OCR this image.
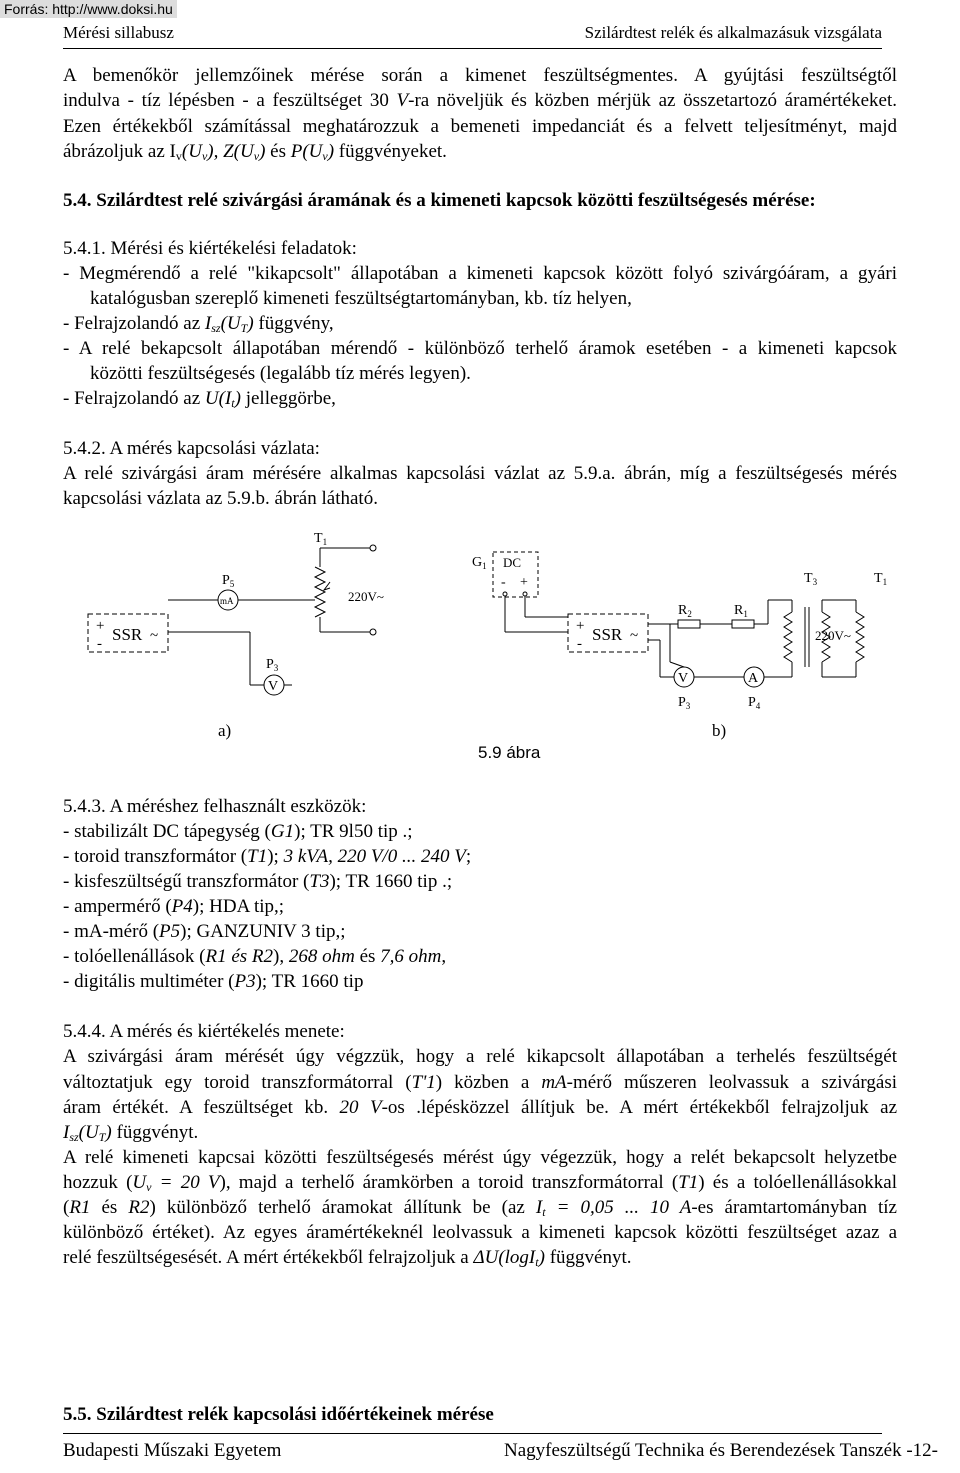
Forrás: http://www.doksi.hu
Mérési sillabusz	Szilárdtest relék és alkalmazásuk vizsgálata
A bemenőkör jellemzőinek mérése során a kimenet feszültségmentes. A gyújtási feszültségtől
indulva - tíz lépésben - a feszültséget 30 V-ra növeljük és közben mérjük az összetartozó áramértékeket.
Ezen értékekből számítással meghatározzuk a bemeneti impedanciát és a felvett teljesítményt, majd
ábrázoljuk az $I_v(U_v)$, $Z(U_v)$ és $P(U_v)$ függvényeket.
5.4. Szilárdtest relé szivárgási áramának és a kimeneti kapcsok közötti feszültségesés mérése:
5.4.1. Mérési és kiértékelési feladatok:
- Megmérendő a relé "kikapcsolt" állapotában a kimeneti kapcsok között folyó szivárgóáram, a gyári
katalógusban szereplő kimeneti feszültségtartományban, kb. tíz helyen,
- Felrajzolandó az $I_{sz}(U_T)$ függvény,
- A relé bekapcsolt állapotában mérendő - különböző terhelő áramok esetében - a kimeneti kapcsok
közötti feszültségesés (legalább tíz mérés legyen).
- Felrajzolandó az $U(I_t)$ jelleggörbe,
5.4.2. A mérés kapcsolási vázlata:
A relé szivárgási áram mérésére alkalmas kapcsolási vázlat az 5.9.a. ábrán, míg a feszültségesés mérés
kapcsolási vázlata az 5.9.b. ábrán látható.
+
- SSR ~
$P_5$
mA
$P_3$
V
$T_1$
220V~
a)
$G_1$ DC
- +
+
- SSR ~
$R_2$	$R_1$
V	A
$P_3$	$P_4$
$T_3$	$T_1$
220V~
b)
5.9 ábra
5.4.3. A méréshez felhasznált eszközök:
- stabilizált DC tápegység (G1); TR 9l50 tip .;
- toroid transzformátor (T1); 3 kVA, 220 V/0 ... 240 V;
- kisfeszültségű transzformátor (T3); TR 1660 tip .;
- ampermérő (P4); HDA tip,;
- mA-mérő (P5); GANZUNIV 3 tip,;
- tolóellenállások (R1 és R2), 268 ohm és 7,6 ohm,
- digitális multiméter (P3); TR 1660 tip
5.4.4. A mérés és kiértékelés menete:
A szivárgási áram mérését úgy végzzük, hogy a relé kikapcsolt állapotában a terhelés feszültségét
változtatjuk egy toroid transzformátorral (T'1) közben a mA-mérő műszeren leolvassuk a szivárgási
áram értékét. A feszültséget kb. 20 V-os .lépésközzel állítjuk be. A mért értékekből felrajzoljuk az
$I_{sz}(U_T)$ függvényt.
A relé kimeneti kapcsai közötti feszültségesés mérést úgy végezzük, hogy a relét bekapcsolt helyzetbe
hozzuk ($U_v = 20$ V), majd a terhelő áramkörben a toroid transzformátorral (T1) és a tolóellenállásokkal
(R1 és R2) különböző terhelő áramokat állítunk be (az $I_t = 0,05$ ... 10 A-es áramtartományban tíz
különböző értéket). Az egyes áramértékeknél leolvassuk a kimeneti kapcsok közötti feszültséget azaz a
relé feszültségesését. A mért értékekből felrajzoljuk a ΔU(logI$_t$) függvényt.
5.5. Szilárdtest relék kapcsolási időértékeinek mérése
Budapesti Műszaki Egyetem	Nagyfeszültségű Technika és Berendezések Tanszék -12-
